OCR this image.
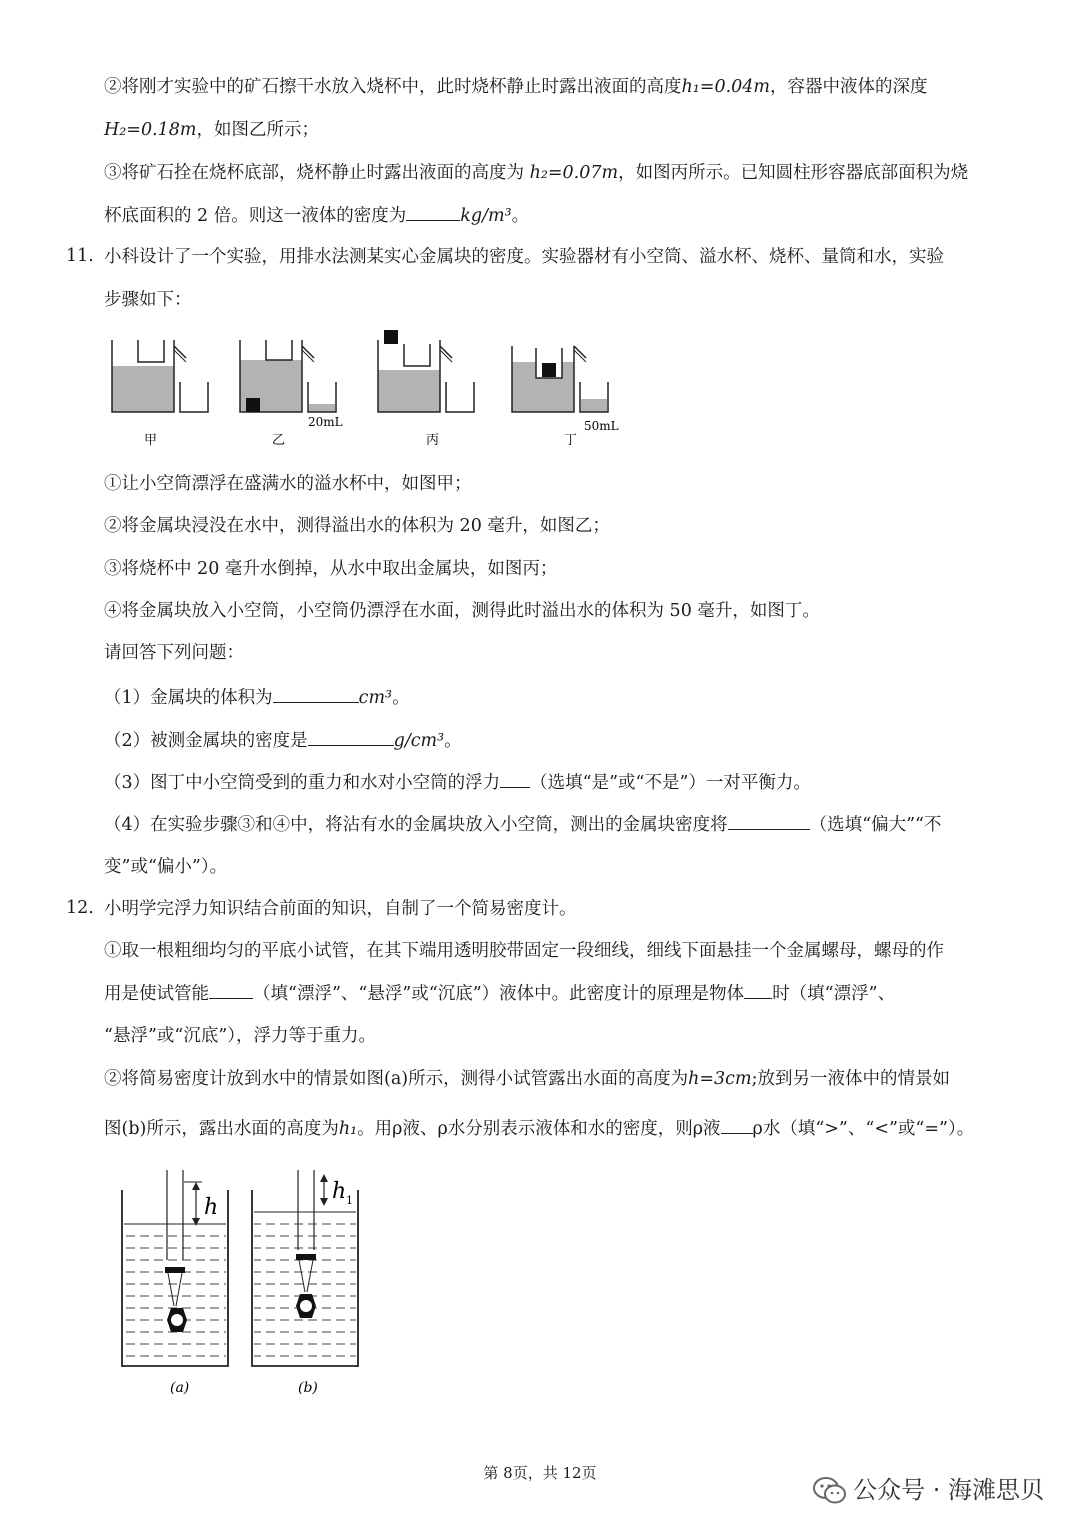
②将刚才实验中的矿石擦干水放入烧杯中，此时烧杯静止时露出液面的高度h₁=0.04m，容器中液体的深度
H₂=0.18m，如图乙所示；
③将矿石拴在烧杯底部，烧杯静止时露出液面的高度为 h₂=0.07m，如图丙所示。已知圆柱形容器底部面积为烧
杯底面积的 2 倍。则这一液体的密度为	kg/m³。
11. 小科设计了一个实验，用排水法测某实心金属块的密度。实验器材有小空筒、溢水杯、烧杯、量筒和水，实验
步骤如下：
甲
20mL
乙	丙
50mL
丁
①让小空筒漂浮在盛满水的溢水杯中，如图甲；
②将金属块浸没在水中，测得溢出水的体积为 20 毫升，如图乙；
③将烧杯中 20 毫升水倒掉，从水中取出金属块，如图丙；
④将金属块放入小空筒，小空筒仍漂浮在水面，测得此时溢出水的体积为 50 毫升，如图丁。
请回答下列问题：
（1）金属块的体积为	cm³。
（2）被测金属块的密度是	g/cm³。
（3）图丁中小空筒受到的重力和水对小空筒的浮力 （选填“是”或“不是”）一对平衡力。
（4）在实验步骤③和④中，将沾有水的金属块放入小空筒，测出的金属块密度将	（选填“偏大”“不
变”或“偏小”）。
12. 小明学完浮力知识结合前面的知识，自制了一个简易密度计。
①取一根粗细均匀的平底小试管，在其下端用透明胶带固定一段细线，细线下面悬挂一个金属螺母，螺母的作
用是使试管能	（填“漂浮”、“悬浮”或“沉底”）液体中。此密度计的原理是物体 时（填“漂浮”、
“悬浮”或“沉底”），浮力等于重力。
②将简易密度计放到水中的情景如图(a)所示，测得小试管露出水面的高度为h=3cm;放到另一液体中的情景如
图(b)所示，露出水面的高度为h₁。用ρ液、ρ水分别表示液体和水的密度，则ρ液 ρ水（填“>”、“<”或“=”）。
h
(a)
h 1
(b)
第 8页，共 12页
公众号 · 海滩思贝
